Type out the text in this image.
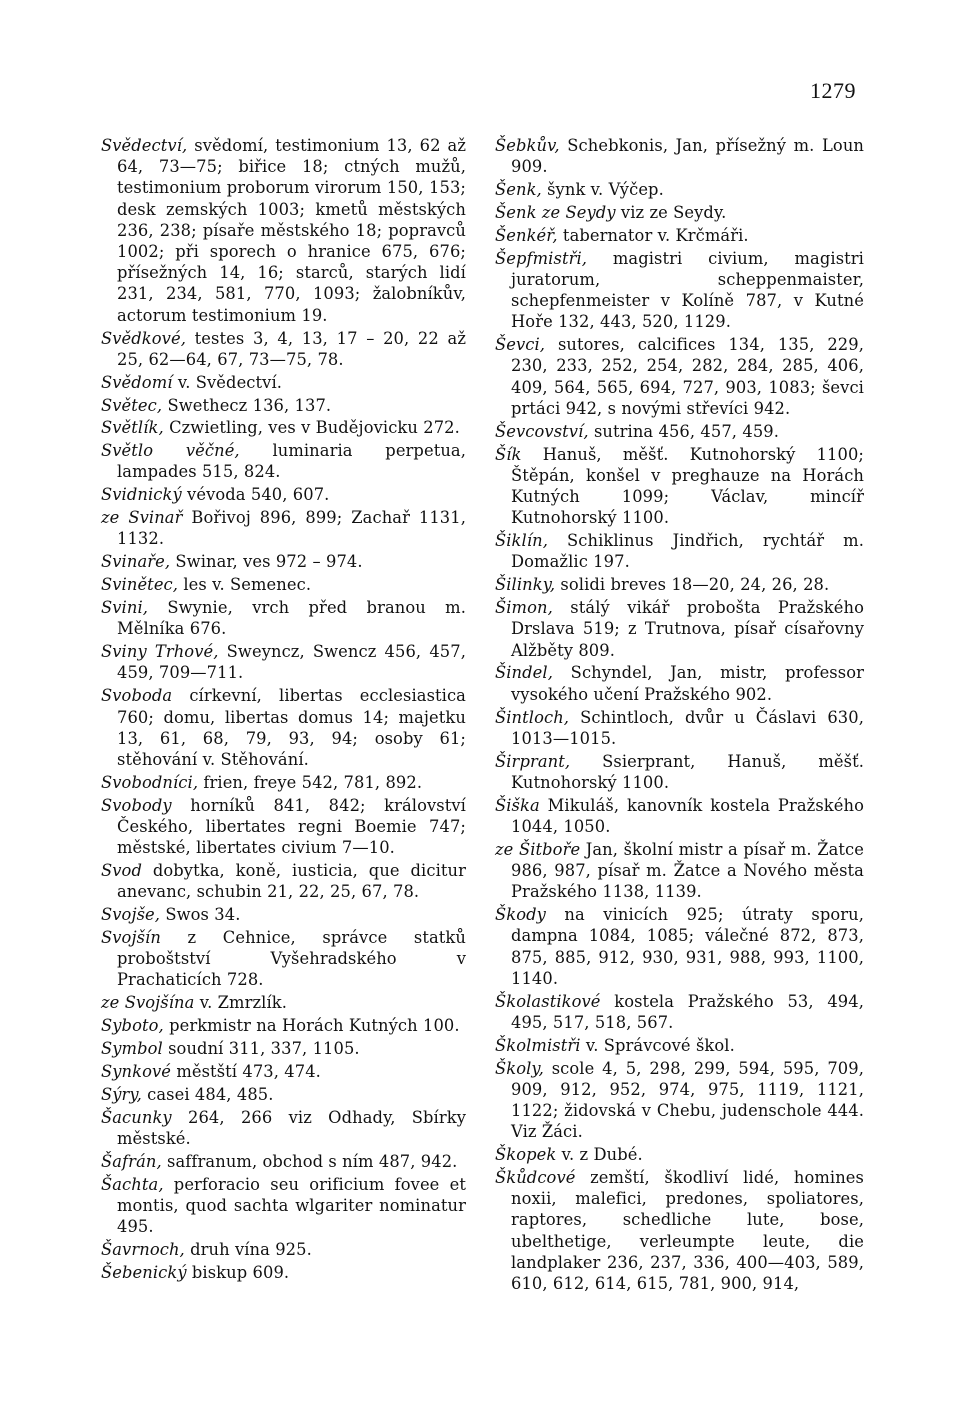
1279

Svědectví, svědomí, testimonium 13, 62 až 64, 73—75; biřice 18; ctných mužů, testimonium proborum virorum 150, 153; desk zemských 1003; kmetů městských 236, 238; písaře městského 18; popravců 1002; při sporech o hranice 675, 676; přísežných 14, 16; starců, starých lidí 231, 234, 581, 770, 1093; žalobníkův, actorum testimonium 19.

Svědkové, testes 3, 4, 13, 17 – 20, 22 až 25, 62—64, 67, 73—75, 78.

Svědomí v. Svědectví.

Světec, Swethecz 136, 137.

Světlík, Czwietling, ves v Budějovicku 272.

Světlo věčné, luminaria perpetua, lampades 515, 824.

Svidnický vévoda 540, 607.

ze Svinař Bořivoj 896, 899; Zachař 1131, 1132.

Svinaře, Swinar, ves 972 – 974.

Svinětec, les v. Semenec.

Svini, Swynie, vrch před branou m. Mělníka 676.

Sviny Trhové, Sweyncz, Swencz 456, 457, 459, 709—711.

Svoboda církevní, libertas ecclesiastica 760; domu, libertas domus 14; majetku 13, 61, 68, 79, 93, 94; osoby 61; stěhování v. Stěhování.

Svobodníci, frien, freye 542, 781, 892.

Svobody horníků 841, 842; království Českého, libertates regni Boemie 747; městské, libertates civium 7—10.

Svod dobytka, koně, iusticia, que dicitur anevanc, schubin 21, 22, 25, 67, 78.

Svojše, Swos 34.

Svojšín z Cehnice, správce statků proboštství Vyšehradského v Prachaticích 728.

ze Svojšína v. Zmrzlík.

Syboto, perkmistr na Horách Kutných 100.

Symbol soudní 311, 337, 1105.

Synkové městští 473, 474.

Sýry, casei 484, 485.

Šacunky 264, 266 viz Odhady, Sbírky městské.

Šafrán, saffranum, obchod s ním 487, 942.

Šachta, perforacio seu orificium fovee et montis, quod sachta wlgariter nominatur 495.

Šavrnoch, druh vína 925.

Šebenický biskup 609.

Šebkův, Schebkonis, Jan, přísežný m. Loun 909.

Šenk, šynk v. Výčep.

Šenk ze Seydy viz ze Seydy.

Šenkéř, tabernator v. Krčmáři.

Šepfmistři, magistri civium, magistri juratorum, scheppenmaister, schepfenmeister v Kolíně 787, v Kutné Hoře 132, 443, 520, 1129.

Ševci, sutores, calcifices 134, 135, 229, 230, 233, 252, 254, 282, 284, 285, 406, 409, 564, 565, 694, 727, 903, 1083; ševci prtáci 942, s novými střevíci 942.

Ševcovství, sutrina 456, 457, 459.

Šík Hanuš, měšť. Kutnohorský 1100; Štěpán, konšel v preghauze na Horách Kutných 1099; Václav, mincíř Kutnohorský 1100.

Šiklín, Schiklinus Jindřich, rychtář m. Domažlic 197.

Šilinky, solidi breves 18—20, 24, 26, 28.

Šimon, stálý vikář probošta Pražského Drslava 519; z Trutnova, písař císařovny Alžběty 809.

Šindel, Schyndel, Jan, mistr, professor vysokého učení Pražského 902.

Šintloch, Schintloch, dvůr u Čáslavi 630, 1013—1015.

Širprant, Ssierprant, Hanuš, měšť. Kutnohorský 1100.

Šiška Mikuláš, kanovník kostela Pražského 1044, 1050.

ze Šitboře Jan, školní mistr a písař m. Žatce 986, 987, písař m. Žatce a Nového města Pražského 1138, 1139.

Škody na vinicích 925; útraty sporu, dampna 1084, 1085; válečné 872, 873, 875, 885, 912, 930, 931, 988, 993, 1100, 1140.

Školastikové kostela Pražského 53, 494, 495, 517, 518, 567.

Školmistři v. Správcové škol.

Školy, scole 4, 5, 298, 299, 594, 595, 709, 909, 912, 952, 974, 975, 1119, 1121, 1122; židovská v Chebu, judenschole 444. Viz Žáci.

Škopek v. z Dubé.

Škůdcové zemští, škodliví lidé, homines noxii, malefici, predones, spoliatores, raptores, schedliche lute, bose, ubelthetige, verleumpte leute, die landplaker 236, 237, 336, 400—403, 589, 610, 612, 614, 615, 781, 900, 914,
